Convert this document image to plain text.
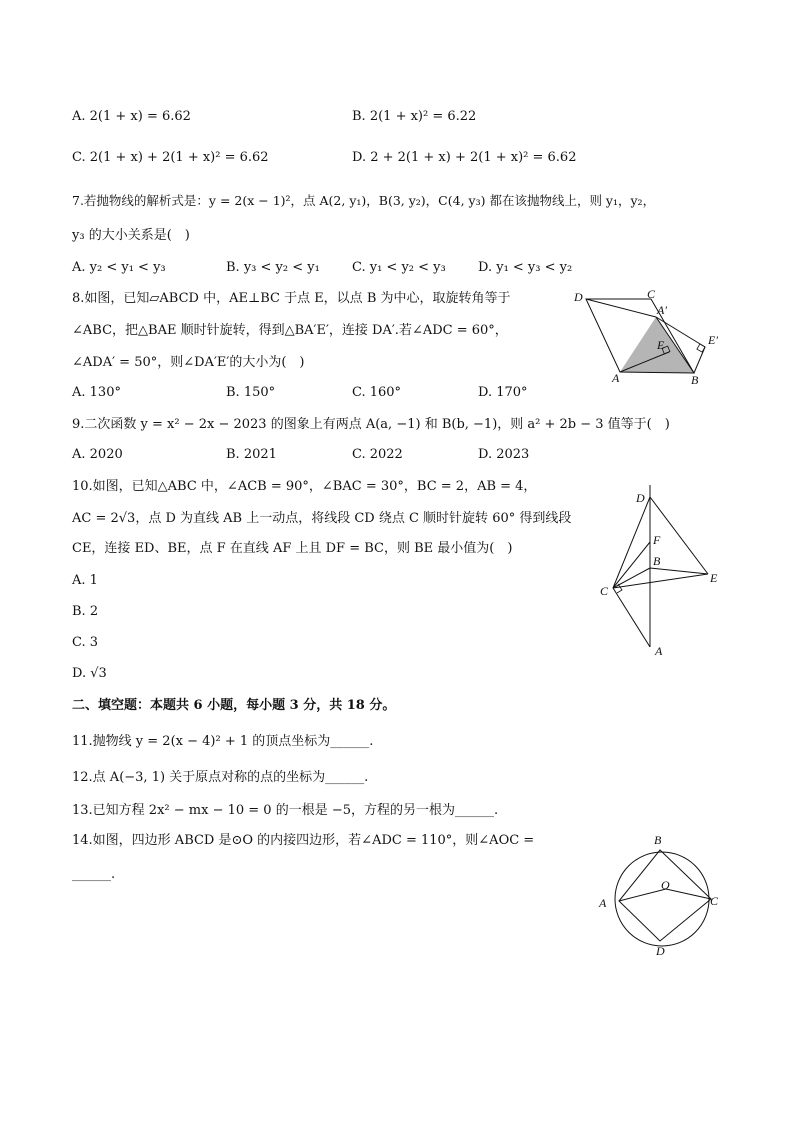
A. 2(1 + x) = 6.62	B. 2(1 + x)² = 6.22
C. 2(1 + x) + 2(1 + x)² = 6.62	D. 2 + 2(1 + x) + 2(1 + x)² = 6.62
7.若抛物线的解析式是：y = 2(x − 1)²，点 A(2, y₁)，B(3, y₂)，C(4, y₃) 都在该抛物线上，则 y₁，y₂，
y₃ 的大小关系是(　)
A. y₂ < y₁ < y₃	B. y₃ < y₂ < y₁ C. y₁ < y₂ < y₃ D. y₁ < y₃ < y₂
8.如图，已知▱ABCD 中，AE⊥BC 于点 E，以点 B 为中心，取旋转角等于
∠ABC，把△BAE 顺时针旋转，得到△BA′E′，连接 DA′.若∠ADC = 60°，
∠ADA′ = 50°，则∠DA′E′的大小为(　)
A. 130°	B. 150°	C. 160°	D. 170°
D	C
A′
E	E′
A	B
9.二次函数 y = x² − 2x − 2023 的图象上有两点 A(a, −1) 和 B(b, −1)，则 a² + 2b − 3 值等于(　)
A. 2020	B. 2021	C. 2022	D. 2023
10.如图，已知△ABC 中，∠ACB = 90°，∠BAC = 30°，BC = 2，AB = 4，
AC = 2√3，点 D 为直线 AB 上一动点，将线段 CD 绕点 C 顺时针旋转 60° 得到线段
CE，连接 ED、BE，点 F 在直线 AF 上且 DF = BC，则 BE 最小值为(　)
A. 1
B. 2
C. 3
D. √3
D
F
B
C
E
A
二、填空题：本题共 6 小题，每小题 3 分，共 18 分。
11.抛物线 y = 2(x − 4)² + 1 的顶点坐标为______.
12.点 A(−3, 1) 关于原点对称的点的坐标为______.
13.已知方程 2x² − mx − 10 = 0 的一根是 −5，方程的另一根为______.
14.如图，四边形 ABCD 是⊙O 的内接四边形，若∠ADC = 110°，则∠AOC =
______.
B
A
O
C
D
